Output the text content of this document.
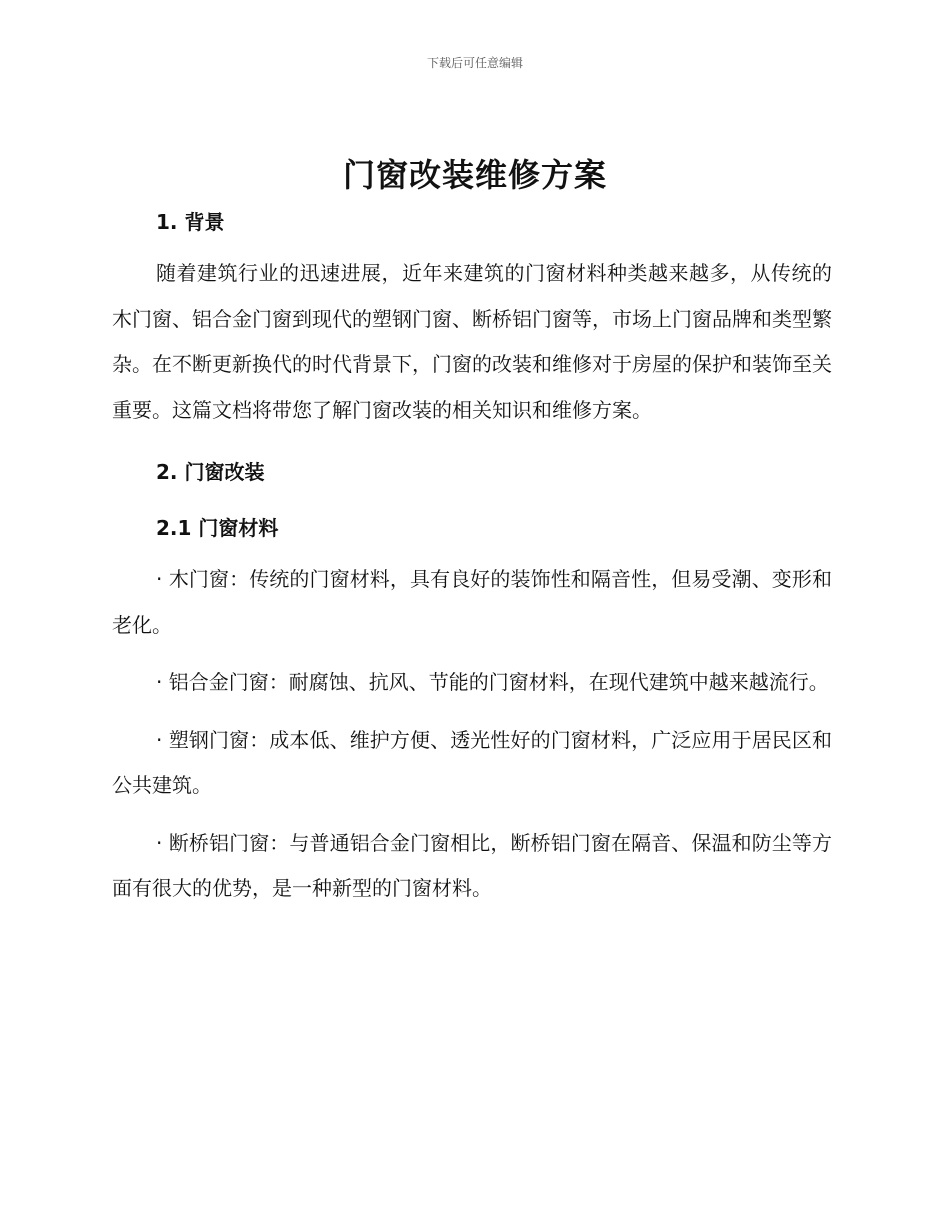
下载后可任意编辑
门窗改装维修方案
1. 背景

随着建筑行业的迅速进展，近年来建筑的门窗材料种类越来越多，从传统的木门窗、铝合金门窗到现代的塑钢门窗、断桥铝门窗等，市场上门窗品牌和类型繁杂。在不断更新换代的时代背景下，门窗的改装和维修对于房屋的保护和装饰至关重要。这篇文档将带您了解门窗改装的相关知识和维修方案。

2. 门窗改装
2.1 门窗材料

· 木门窗：传统的门窗材料，具有良好的装饰性和隔音性，但易受潮、变形和老化。

· 铝合金门窗：耐腐蚀、抗风、节能的门窗材料，在现代建筑中越来越流行。

· 塑钢门窗：成本低、维护方便、透光性好的门窗材料，广泛应用于居民区和公共建筑。

· 断桥铝门窗：与普通铝合金门窗相比，断桥铝门窗在隔音、保温和防尘等方面有很大的优势，是一种新型的门窗材料。
